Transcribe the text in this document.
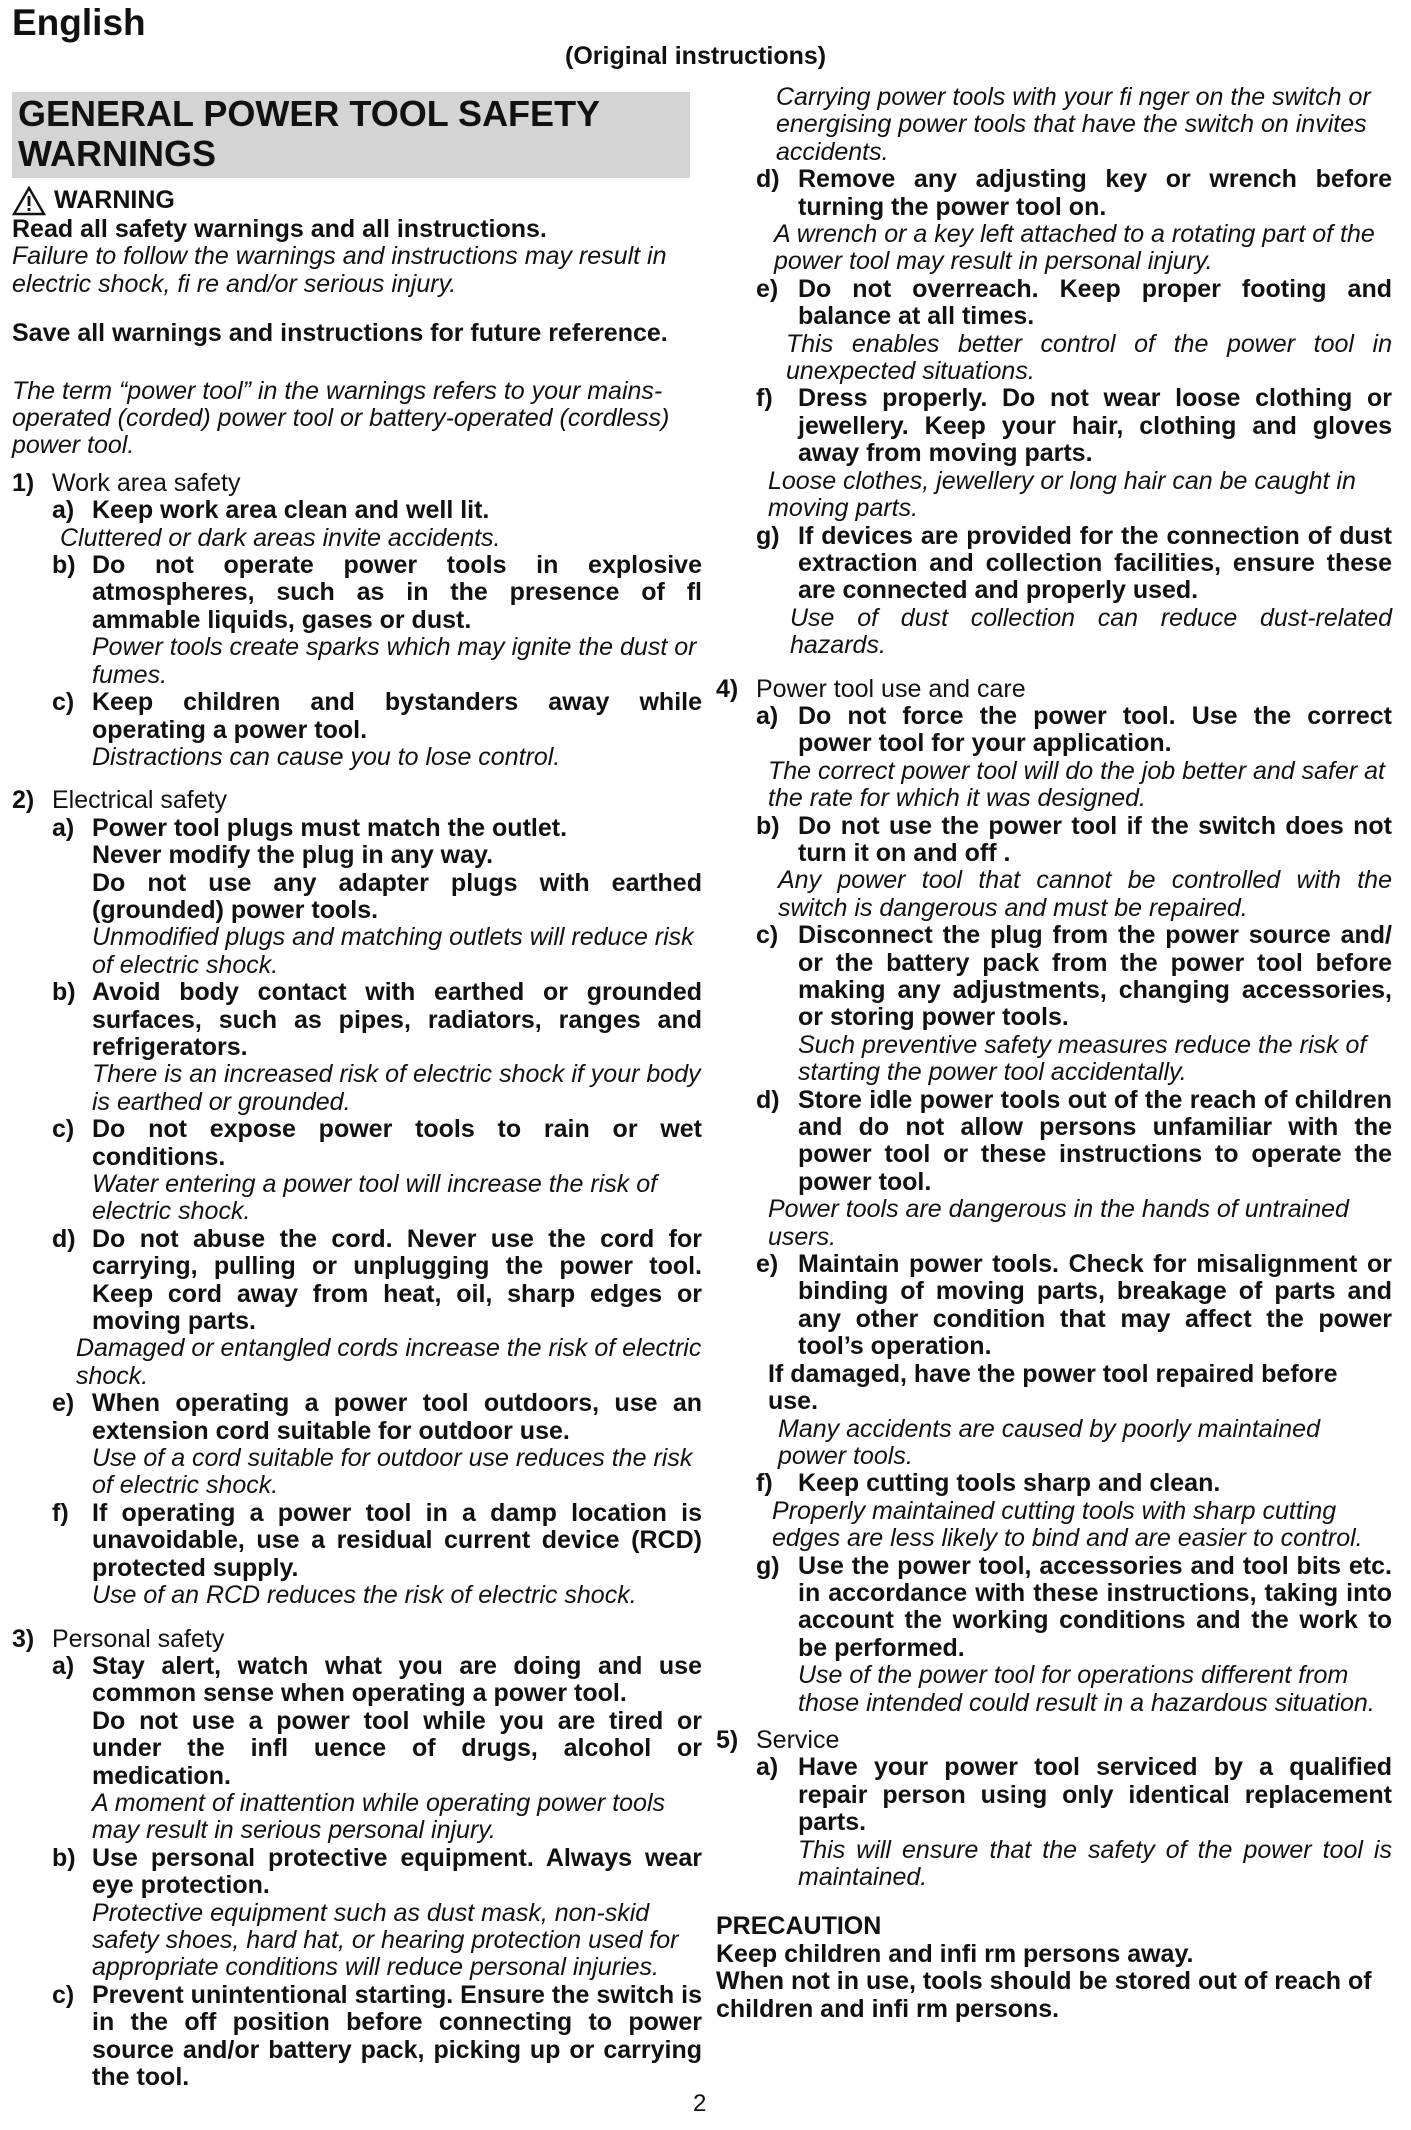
English
(Original instructions)
GENERAL POWER TOOL SAFETY WARNINGS
WARNING

Read all safety warnings and all instructions.

Failure to follow the warnings and instructions may result in electric shock, fi re and/or serious injury.

Save all warnings and instructions for future reference.

The term “power tool” in the warnings refers to your mains-operated (corded) power tool or battery-operated (cordless) power tool.

1) Work area safety
a) Keep work area clean and well lit.

Cluttered or dark areas invite accidents.

b) Do not operate power tools in explosive atmospheres, such as in the presence of fl ammable liquids, gases or dust.

Power tools create sparks which may ignite the dust or fumes.

c) Keep children and bystanders away while operating a power tool.

Distractions can cause you to lose control.

2) Electrical safety
a) Power tool plugs must match the outlet.

Never modify the plug in any way.

Do not use any adapter plugs with earthed (grounded) power tools.

Unmodified plugs and matching outlets will reduce risk of electric shock.

b) Avoid body contact with earthed or grounded surfaces, such as pipes, radiators, ranges and refrigerators.

There is an increased risk of electric shock if your body is earthed or grounded.

c) Do not expose power tools to rain or wet conditions.

Water entering a power tool will increase the risk of electric shock.

d) Do not abuse the cord. Never use the cord for carrying, pulling or unplugging the power tool. Keep cord away from heat, oil, sharp edges or moving parts.

Damaged or entangled cords increase the risk of electric shock.

e) When operating a power tool outdoors, use an extension cord suitable for outdoor use.

Use of a cord suitable for outdoor use reduces the risk of electric shock.

f) If operating a power tool in a damp location is unavoidable, use a residual current device (RCD) protected supply.

Use of an RCD reduces the risk of electric shock.

3) Personal safety
a) Stay alert, watch what you are doing and use common sense when operating a power tool.

Do not use a power tool while you are tired or under the infl uence of drugs, alcohol or medication.

A moment of inattention while operating power tools may result in serious personal injury.

b) Use personal protective equipment. Always wear eye protection.

Protective equipment such as dust mask, non-skid safety shoes, hard hat, or hearing protection used for appropriate conditions will reduce personal injuries.

c) Prevent unintentional starting. Ensure the switch is in the off position before connecting to power source and/or battery pack, picking up or carrying the tool.

Carrying power tools with your fi nger on the switch or energising power tools that have the switch on invites accidents.

d) Remove any adjusting key or wrench before turning the power tool on.

A wrench or a key left attached to a rotating part of the power tool may result in personal injury.

e) Do not overreach. Keep proper footing and balance at all times.

This enables better control of the power tool in unexpected situations.

f)	Dress properly. Do not wear loose clothing or jewellery. Keep your hair, clothing and gloves away from moving parts.

Loose clothes, jewellery or long hair can be caught in moving parts.

g) If devices are provided for the connection of dust extraction and collection facilities, ensure these are connected and properly used.

Use of dust collection can reduce dust-related hazards.

4) Power tool use and care
a) Do not force the power tool. Use the correct power tool for your application.

The correct power tool will do the job better and safer at the rate for which it was designed.

b) Do not use the power tool if the switch does not turn it on and off .

Any power tool that cannot be controlled with the switch is dangerous and must be repaired.

c) Disconnect the plug from the power source and/ or the battery pack from the power tool before making any adjustments, changing accessories, or storing power tools.

Such preventive safety measures reduce the risk of starting the power tool accidentally.

d) Store idle power tools out of the reach of children and do not allow persons unfamiliar with the power tool or these instructions to operate the power tool.

Power tools are dangerous in the hands of untrained users.

e) Maintain power tools. Check for misalignment or binding of moving parts, breakage of parts and any other condition that may affect the power tool’s operation.

If damaged, have the power tool repaired before use.

Many accidents are caused by poorly maintained power tools.

f)	Keep cutting tools sharp and clean.

Properly maintained cutting tools with sharp cutting edges are less likely to bind and are easier to control.

g) Use the power tool, accessories and tool bits etc. in accordance with these instructions, taking into account the working conditions and the work to be performed.

Use of the power tool for operations different from those intended could result in a hazardous situation.

5) Service
a) Have your power tool serviced by a qualified repair person using only identical replacement parts.

This will ensure that the safety of the power tool is maintained.

PRECAUTION

Keep children and infi rm persons away.

When not in use, tools should be stored out of reach of children and infi rm persons.

2
